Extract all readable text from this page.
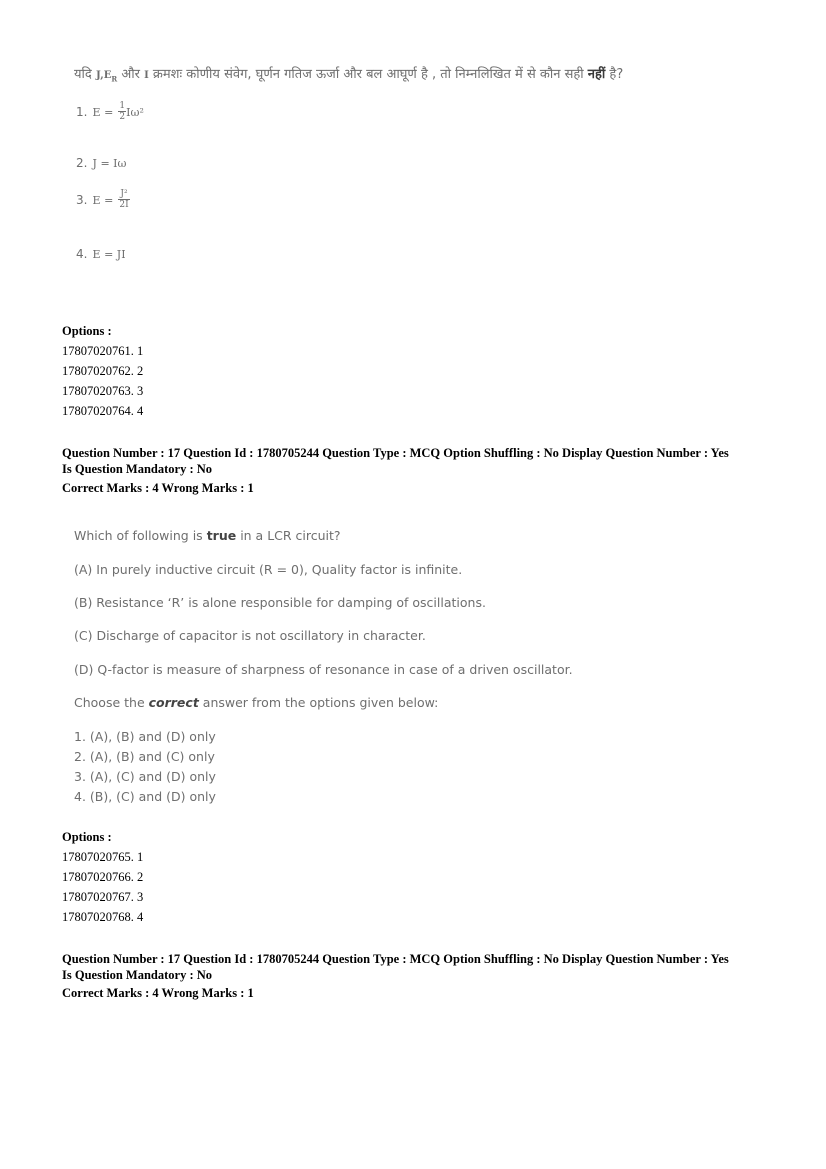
यदि $J,E_R$ और I क्रमशः कोणीय संवेग, घूर्णन गतिज ऊर्जा और बल आघूर्ण है , तो निम्नलिखित में से कौन सही नहीं है?
1. $E = \frac{1}{2} I\omega^2$
2. J = Iω
3. $E = \frac{\text{J²}}{2I}$
4. E = JI
Options :
17807020761. 1
17807020762. 2
17807020763. 3
17807020764. 4
Question Number : 17 Question Id : 1780705244 Question Type : MCQ Option Shuffling : No Display Question Number : Yes
Is Question Mandatory : No
Correct Marks : 4 Wrong Marks : 1
Which of following is true in a LCR circuit?
(A) In purely inductive circuit (R = 0), Quality factor is infinite.
(B) Resistance ‘R’ is alone responsible for damping of oscillations.
(C) Discharge of capacitor is not oscillatory in character.
(D) Q-factor is measure of sharpness of resonance in case of a driven oscillator.
Choose the correct answer from the options given below:
1. (A), (B) and (D) only
2. (A), (B) and (C) only
3. (A), (C) and (D) only
4. (B), (C) and (D) only
Options :
17807020765. 1
17807020766. 2
17807020767. 3
17807020768. 4
Question Number : 17 Question Id : 1780705244 Question Type : MCQ Option Shuffling : No Display Question Number : Yes
Is Question Mandatory : No
Correct Marks : 4 Wrong Marks : 1
